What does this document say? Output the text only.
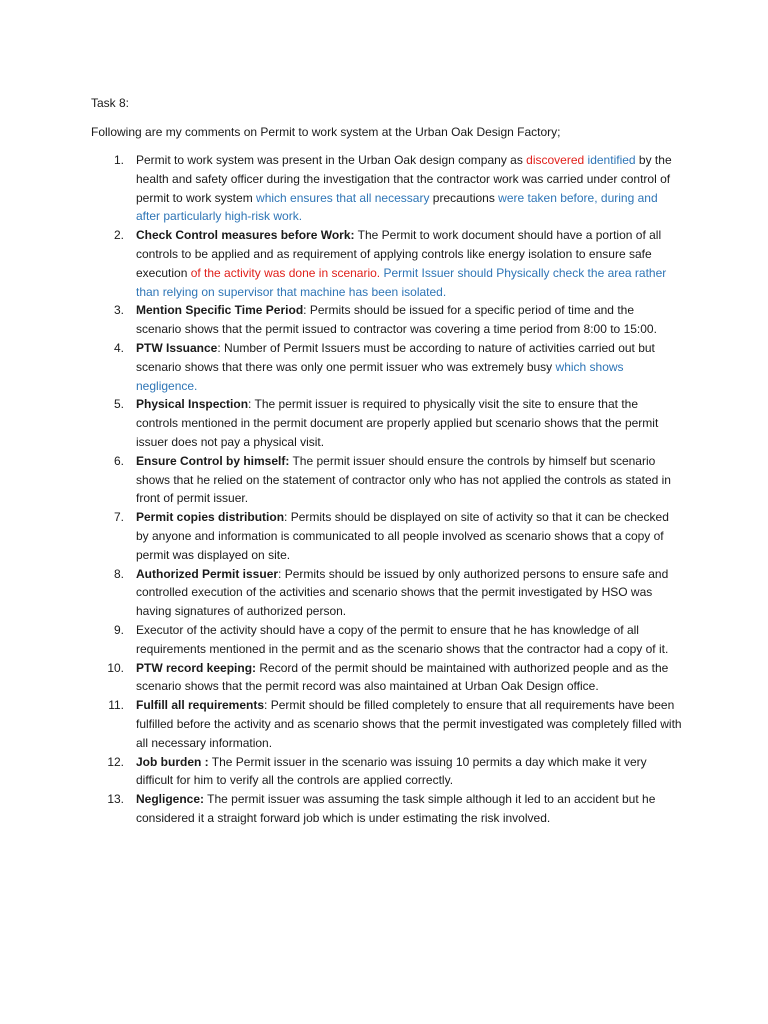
Task 8:

Following are my comments on Permit to work system at the Urban Oak Design Factory;

1. Permit to work system was present in the Urban Oak design company as discovered identified by the health and safety officer during the investigation that the contractor work was carried under control of permit to work system which ensures that all necessary precautions were taken before, during and after particularly high-risk work.
2. Check Control measures before Work: The Permit to work document should have a portion of all controls to be applied and as requirement of applying controls like energy isolation to ensure safe execution of the activity was done in scenario. Permit Issuer should Physically check the area rather than relying on supervisor that machine has been isolated.
3. Mention Specific Time Period: Permits should be issued for a specific period of time and the scenario shows that the permit issued to contractor was covering a time period from 8:00 to 15:00.
4. PTW Issuance: Number of Permit Issuers must be according to nature of activities carried out but scenario shows that there was only one permit issuer who was extremely busy which shows negligence.
5. Physical Inspection: The permit issuer is required to physically visit the site to ensure that the controls mentioned in the permit document are properly applied but scenario shows that the permit issuer does not pay a physical visit.
6. Ensure Control by himself: The permit issuer should ensure the controls by himself but scenario shows that he relied on the statement of contractor only who has not applied the controls as stated in front of permit issuer.
7. Permit copies distribution: Permits should be displayed on site of activity so that it can be checked by anyone and information is communicated to all people involved as scenario shows that a copy of permit was displayed on site.
8. Authorized Permit issuer: Permits should be issued by only authorized persons to ensure safe and controlled execution of the activities and scenario shows that the permit investigated by HSO was having signatures of authorized person.
9. Executor of the activity should have a copy of the permit to ensure that he has knowledge of all requirements mentioned in the permit and as the scenario shows that the contractor had a copy of it.
10. PTW record keeping: Record of the permit should be maintained with authorized people and as the scenario shows that the permit record was also maintained at Urban Oak Design office.
11. Fulfill all requirements: Permit should be filled completely to ensure that all requirements have been fulfilled before the activity and as scenario shows that the permit investigated was completely filled with all necessary information.
12. Job burden : The Permit issuer in the scenario was issuing 10 permits a day which make it very difficult for him to verify all the controls are applied correctly.
13. Negligence: The permit issuer was assuming the task simple although it led to an accident but he considered it a straight forward job which is under estimating the risk involved.
